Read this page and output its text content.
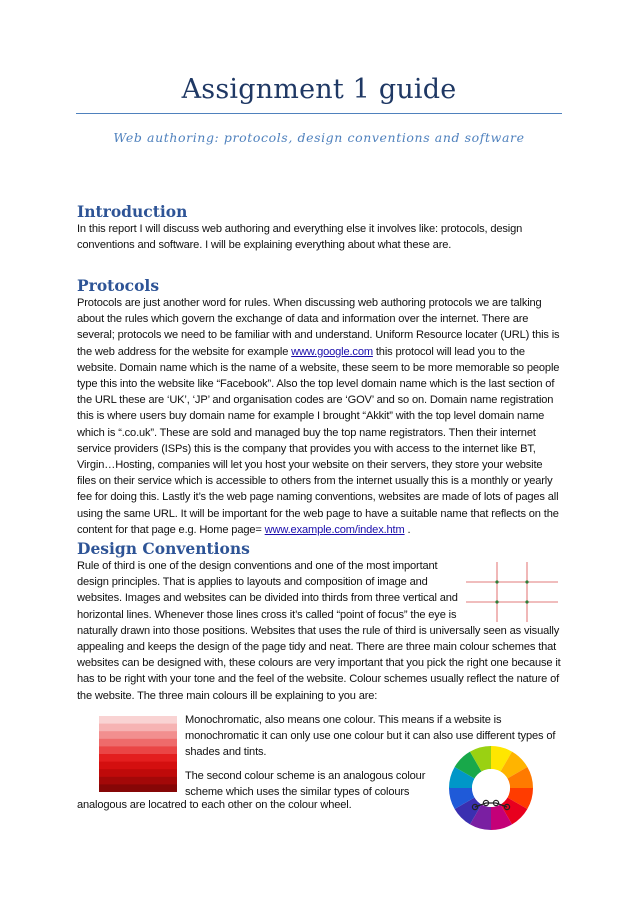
Assignment 1 guide
Web authoring: protocols, design conventions and software
Introduction

In this report I will discuss web authoring and everything else it involves like: protocols, design conventions and software. I will be explaining everything about what these are.

Protocols

Protocols are just another word for rules. When discussing web authoring protocols we are talking about the rules which govern the exchange of data and information over the internet. There are several; protocols we need to be familiar with and understand. Uniform Resource locater (URL) this is the web address for the website for example www.google.com this protocol will lead you to the website. Domain name which is the name of a website, these seem to be more memorable so people type this into the website like “Facebook”. Also the top level domain name which is the last section of the URL these are ‘UK’, ‘JP’ and organisation codes are ‘GOV’ and so on. Domain name registration this is where users buy domain name for example I brought “Akkit” with the top level domain name which is “.co.uk”. These are sold and managed buy the top name registrators. Then their internet service providers (ISPs) this is the company that provides you with access to the internet like BT, Virgin…Hosting, companies will let you host your website on their servers, they store your website files on their service which is accessible to others from the internet usually this is a monthly or yearly fee for doing this. Lastly it’s the web page naming conventions, websites are made of lots of pages all using the same URL. It will be important for the web page to have a suitable name that reflects on the content for that page e.g. Home page= www.example.com/index.htm .

Design Conventions

Rule of third is one of the design conventions and one of the most important design principles. That is applies to layouts and composition of image and websites. Images and websites can be divided into thirds from three vertical and horizontal lines. Whenever those lines cross it’s called “point of focus” the eye is naturally drawn into those positions. Websites that uses the rule of third is universally seen as visually appealing and keeps the design of the page tidy and neat. There are three main colour schemes that websites can be designed with, these colours are very important that you pick the right one because it has to be right with your tone and the feel of the website. Colour schemes usually reflect the nature of the website. The three main colours ill be explaining to you are:

Monochromatic, also means one colour. This means if a website is monochromatic it can only use one colour but it can also use different types of shades and tints.

The second colour scheme is an analogous colour scheme which uses the similar types of colours

analogous are locatred to each other on the colour wheel.
